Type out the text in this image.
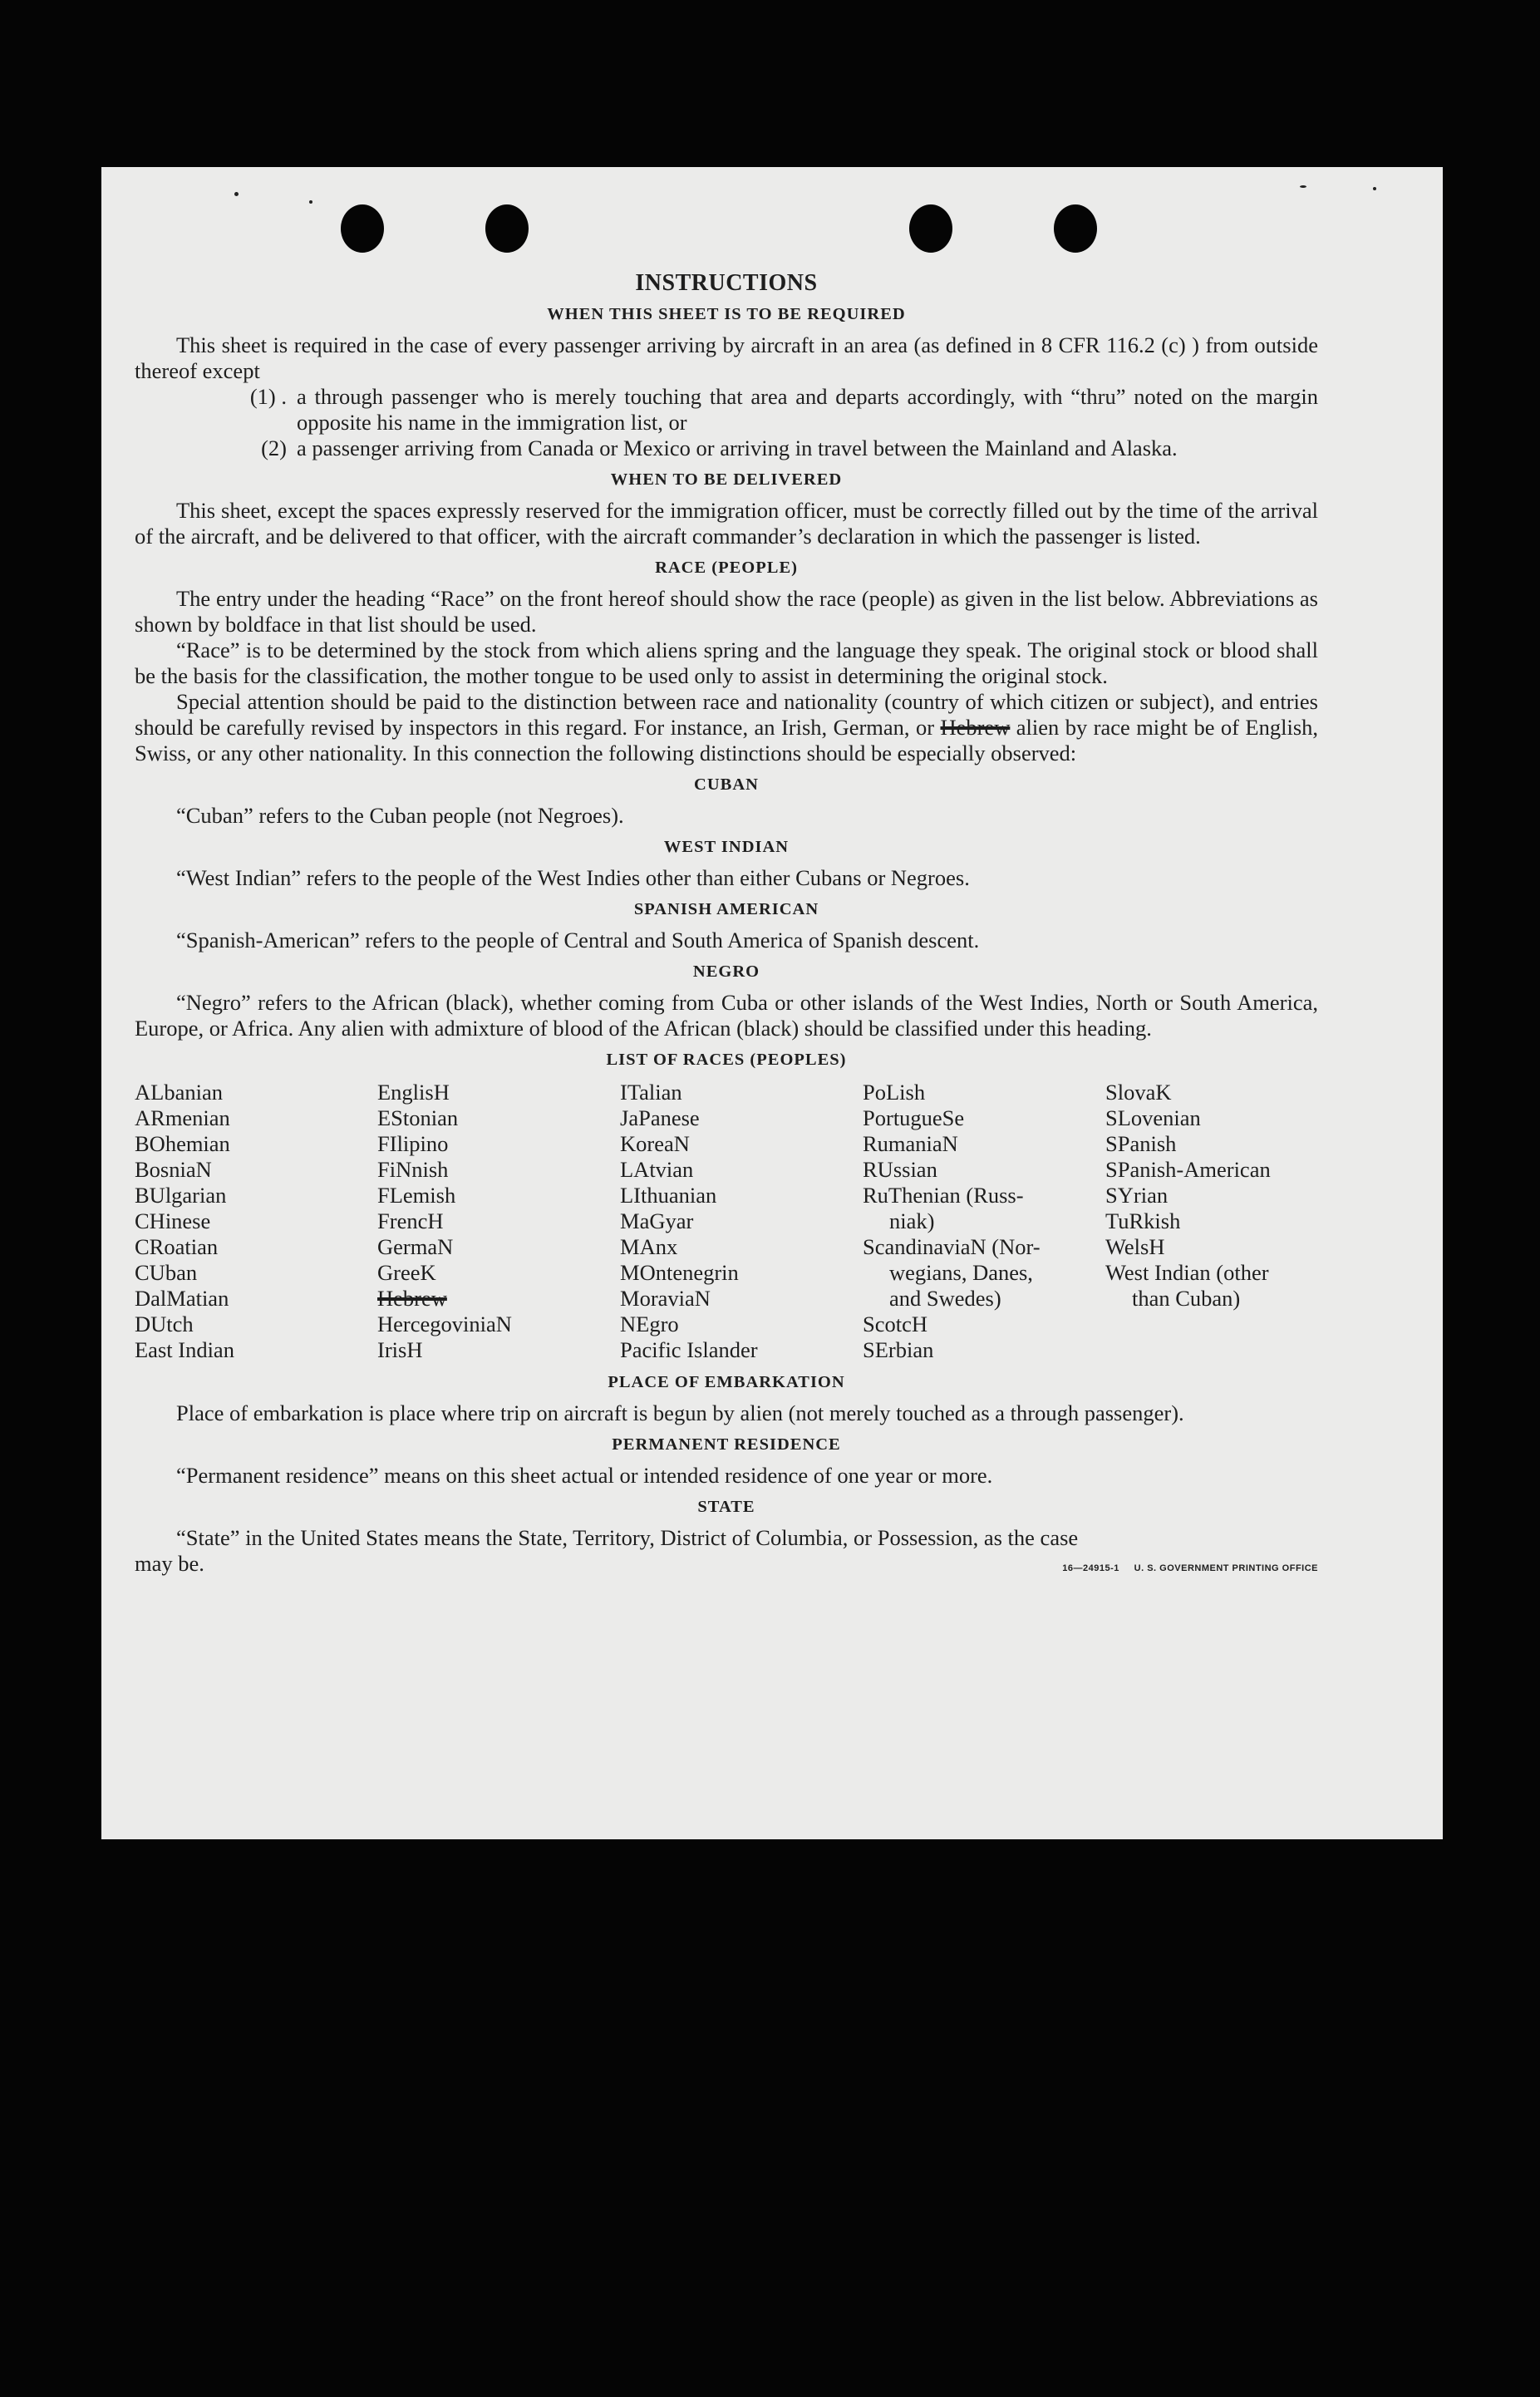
INSTRUCTIONS
WHEN THIS SHEET IS TO BE REQUIRED

This sheet is required in the case of every passenger arriving by aircraft in an area (as defined in 8 CFR 116.2 (c) ) from outside thereof except

(1) . a through passenger who is merely touching that area and departs accordingly, with “thru” noted on the margin opposite his name in the immigration list, or
(2) a passenger arriving from Canada or Mexico or arriving in travel between the Mainland and Alaska.
WHEN TO BE DELIVERED

This sheet, except the spaces expressly reserved for the immigration officer, must be correctly filled out by the time of the arrival of the aircraft, and be delivered to that officer, with the aircraft commander’s declaration in which the passenger is listed.

RACE (PEOPLE)

The entry under the heading “Race” on the front hereof should show the race (people) as given in the list below. Abbreviations as shown by boldface in that list should be used.

“Race” is to be determined by the stock from which aliens spring and the language they speak. The original stock or blood shall be the basis for the classification, the mother tongue to be used only to assist in determining the original stock.

Special attention should be paid to the distinction between race and nationality (country of which citizen or subject), and entries should be carefully revised by inspectors in this regard. For instance, an Irish, German, or Hebrew alien by race might be of English, Swiss, or any other nationality. In this connection the following distinctions should be especially observed:

CUBAN

“Cuban” refers to the Cuban people (not Negroes).

WEST INDIAN

“West Indian” refers to the people of the West Indies other than either Cubans or Negroes.

SPANISH AMERICAN

“Spanish-American” refers to the people of Central and South America of Spanish descent.

NEGRO

“Negro” refers to the African (black), whether coming from Cuba or other islands of the West Indies, North or South America, Europe, or Africa. Any alien with admixture of blood of the African (black) should be classified under this heading.

LIST OF RACES (PEOPLES)
ALbanian
ARmenian
BOhemian
BosniaN
BUlgarian
CHinese
CRoatian
CUban
DalMatian
DUtch
East Indian
EnglisH
EStonian
FIlipino
FiNnish
FLemish
FrencH
GermaN
GreeK
Hebrew
HercegoviniaN
IrisH
ITalian
JaPanese
KoreaN
LAtvian
LIthuanian
MaGyar
MAnx
MOntenegrin
MoraviaN
NEgro
Pacific Islander
PoLish
PortugueSe
RumaniaN
RUssian
RuThenian (Russ-
niak)
ScandinaviaN (Nor-
wegians, Danes,
and Swedes)
ScotcH
SErbian
SlovaK
SLovenian
SPanish
SPanish-American
SYrian
TuRkish
WelsH
West Indian (other
than Cuban)
PLACE OF EMBARKATION

Place of embarkation is place where trip on aircraft is begun by alien (not merely touched as a through passenger).

PERMANENT RESIDENCE

“Permanent residence” means on this sheet actual or intended residence of one year or more.

STATE

“State” in the United States means the State, Territory, District of Columbia, or Possession, as the case

may be.	16—24915-1 U. S. GOVERNMENT PRINTING OFFICE
